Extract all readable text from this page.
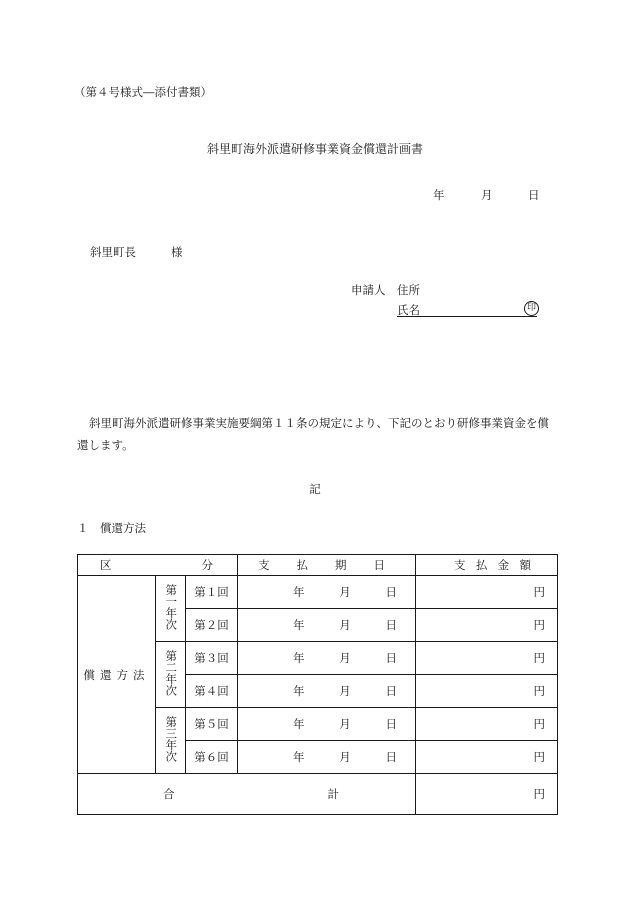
（第４号様式―添付書類）
斜里町海外派遣研修事業資金償還計画書
年	月	日
斜里町長	様
申請人 住所
氏名	印
斜里町海外派遣研修事業実施要綱第１１条の規定により、下記のとおり研修事業資金を償還します。
記
１　償還方法
区 分			支 払 期 日	支 払 金 額

償還方法	第一年次	第１回	年 月 日	円
		第２回	年 月 日	円
	第二年次	第３回	年 月 日	円
		第４回	年 月 日	円
	第三年次	第５回	年 月 日	円
		第６回	年 月 日	円

合 計				円
